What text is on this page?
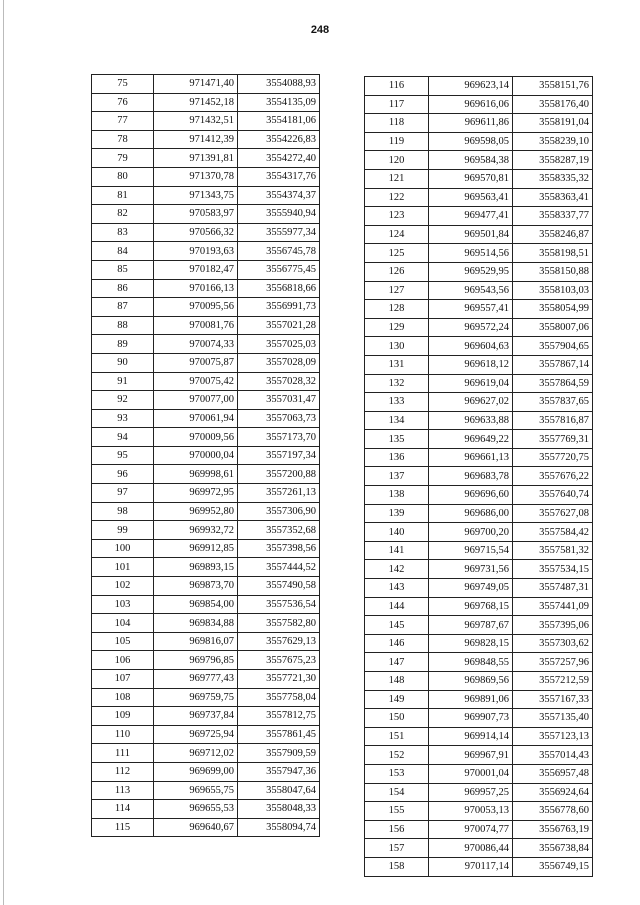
248
75	971471,40	3554088,93
76	971452,18	3554135,09
77	971432,51	3554181,06
78	971412,39	3554226,83
79	971391,81	3554272,40
80	971370,78	3554317,76
81	971343,75	3554374,37
82	970583,97	3555940,94
83	970566,32	3555977,34
84	970193,63	3556745,78
85	970182,47	3556775,45
86	970166,13	3556818,66
87	970095,56	3556991,73
88	970081,76	3557021,28
89	970074,33	3557025,03
90	970075,87	3557028,09
91	970075,42	3557028,32
92	970077,00	3557031,47
93	970061,94	3557063,73
94	970009,56	3557173,70
95	970000,04	3557197,34
96	969998,61	3557200,88
97	969972,95	3557261,13
98	969952,80	3557306,90
99	969932,72	3557352,68
100	969912,85	3557398,56
101	969893,15	3557444,52
102	969873,70	3557490,58
103	969854,00	3557536,54
104	969834,88	3557582,80
105	969816,07	3557629,13
106	969796,85	3557675,23
107	969777,43	3557721,30
108	969759,75	3557758,04
109	969737,84	3557812,75
110	969725,94	3557861,45
111	969712,02	3557909,59
112	969699,00	3557947,36
113	969655,75	3558047,64
114	969655,53	3558048,33
115	969640,67	3558094,74
116	969623,14	3558151,76
117	969616,06	3558176,40
118	969611,86	3558191,04
119	969598,05	3558239,10
120	969584,38	3558287,19
121	969570,81	3558335,32
122	969563,41	3558363,41
123	969477,41	3558337,77
124	969501,84	3558246,87
125	969514,56	3558198,51
126	969529,95	3558150,88
127	969543,56	3558103,03
128	969557,41	3558054,99
129	969572,24	3558007,06
130	969604,63	3557904,65
131	969618,12	3557867,14
132	969619,04	3557864,59
133	969627,02	3557837,65
134	969633,88	3557816,87
135	969649,22	3557769,31
136	969661,13	3557720,75
137	969683,78	3557676,22
138	969696,60	3557640,74
139	969686,00	3557627,08
140	969700,20	3557584,42
141	969715,54	3557581,32
142	969731,56	3557534,15
143	969749,05	3557487,31
144	969768,15	3557441,09
145	969787,67	3557395,06
146	969828,15	3557303,62
147	969848,55	3557257,96
148	969869,56	3557212,59
149	969891,06	3557167,33
150	969907,73	3557135,40
151	969914,14	3557123,13
152	969967,91	3557014,43
153	970001,04	3556957,48
154	969957,25	3556924,64
155	970053,13	3556778,60
156	970074,77	3556763,19
157	970086,44	3556738,84
158	970117,14	3556749,15
